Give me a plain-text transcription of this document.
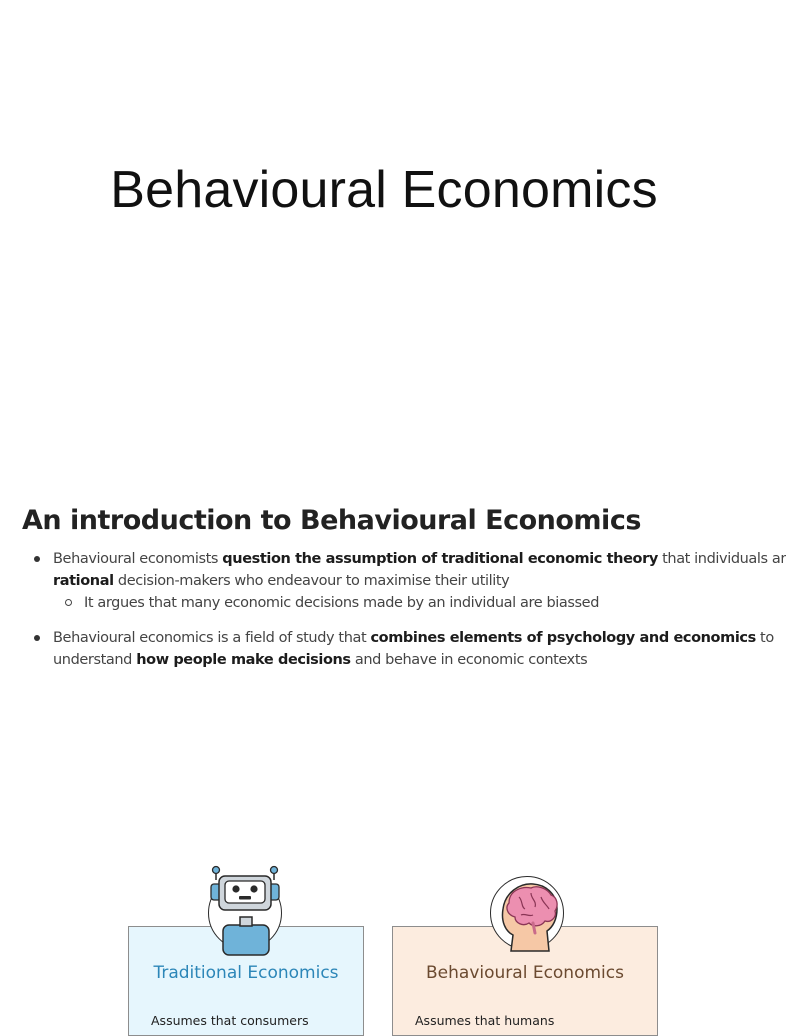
Behavioural Economics
An introduction to Behavioural Economics
Behavioural economists question the assumption of traditional economic theory that individuals ar
rational decision-makers who endeavour to maximise their utility
It argues that many economic decisions made by an individual are biassed
Behavioural economics is a field of study that combines elements of psychology and economics to
understand how people make decisions and behave in economic contexts
Traditional Economics
Assumes that consumers
Behavioural Economics
Assumes that humans
